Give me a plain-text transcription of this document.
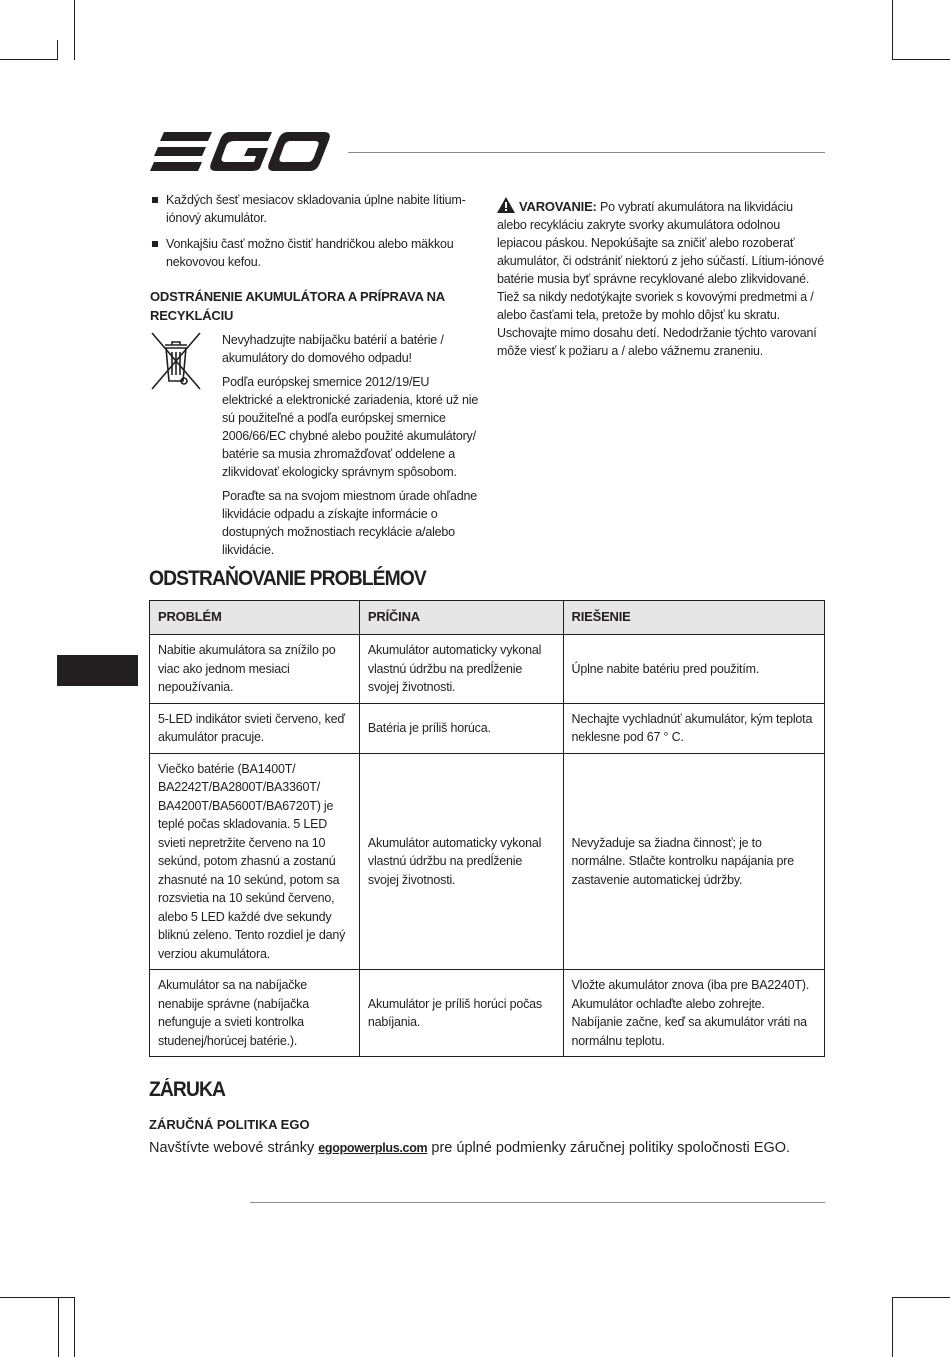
Každých šesť mesiacov skladovania úplne nabite lítium-iónový akumulátor.
Vonkajšiu časť možno čistiť handričkou alebo mäkkou nekovovou kefou.
ODSTRÁNENIE AKUMULÁTORA A PRÍPRAVA NA RECYKLÁCIU

Nevyhadzujte nabíjačku batérií a batérie / akumulátory do domového odpadu!

Podľa európskej smernice 2012/19/EU elektrické a elektronické zariadenia, ktoré už nie sú použiteľné a podľa európskej smernice 2006/66/EC chybné alebo použité akumulátory/ batérie sa musia zhromažďovať oddelene a zlikvidovať ekologicky správnym spôsobom.

Poraďte sa na svojom miestnom úrade ohľadne likvidácie odpadu a získajte informácie o dostupných možnostiach recyklácie a/alebo likvidácie.

VAROVANIE: Po vybratí akumulátora na likvidáciu alebo recykláciu zakryte svorky akumulátora odolnou lepiacou páskou. Nepokúšajte sa zničiť alebo rozoberať akumulátor, či odstrániť niektorú z jeho súčastí. Lítium-iónové batérie musia byť správne recyklované alebo zlikvidované. Tiež sa nikdy nedotýkajte svoriek s kovovými predmetmi a / alebo časťami tela, pretože by mohlo dôjsť ku skratu. Uschovajte mimo dosahu detí. Nedodržanie týchto varovaní môže viesť k požiaru a / alebo vážnemu zraneniu.
ODSTRAŇOVANIE PROBLÉMOV
PROBLÉM	PRÍČINA	RIEŠENIE
Nabitie akumulátora sa znížilo po viac ako jednom mesiaci nepoužívania.	Akumulátor automaticky vykonal vlastnú údržbu na predĺženie svojej životnosti.	Úplne nabite batériu pred použitím.
5-LED indikátor svieti červeno, keď akumulátor pracuje.	Batéria je príliš horúca.	Nechajte vychladnúť akumulátor, kým teplota neklesne pod 67 ° C.
Viečko batérie (BA1400T/ BA2242T/BA2800T/BA3360T/ BA4200T/BA5600T/BA6720T) je teplé počas skladovania. 5 LED svieti nepretržite červeno na 10 sekúnd, potom zhasnú a zostanú zhasnuté na 10 sekúnd, potom sa rozsvietia na 10 sekúnd červeno, alebo 5 LED každé dve sekundy bliknú zeleno. Tento rozdiel je daný verziou akumulátora.	Akumulátor automaticky vykonal vlastnú údržbu na predĺženie svojej životnosti.	Nevyžaduje sa žiadna činnosť; je to normálne. Stlačte kontrolku napájania pre zastavenie automatickej údržby.
Akumulátor sa na nabíjačke nenabije správne (nabíjačka nefunguje a svieti kontrolka studenej/horúcej batérie.).	Akumulátor je príliš horúci počas nabíjania.	Vložte akumulátor znova (iba pre BA2240T). Akumulátor ochlaďte alebo zohrejte. Nabíjanie začne, keď sa akumulátor vráti na normálnu teplotu.
ZÁRUKA
ZÁRUČNÁ POLITIKA EGO
Navštívte webové stránky egopowerplus.com pre úplné podmienky záručnej politiky spoločnosti EGO.
